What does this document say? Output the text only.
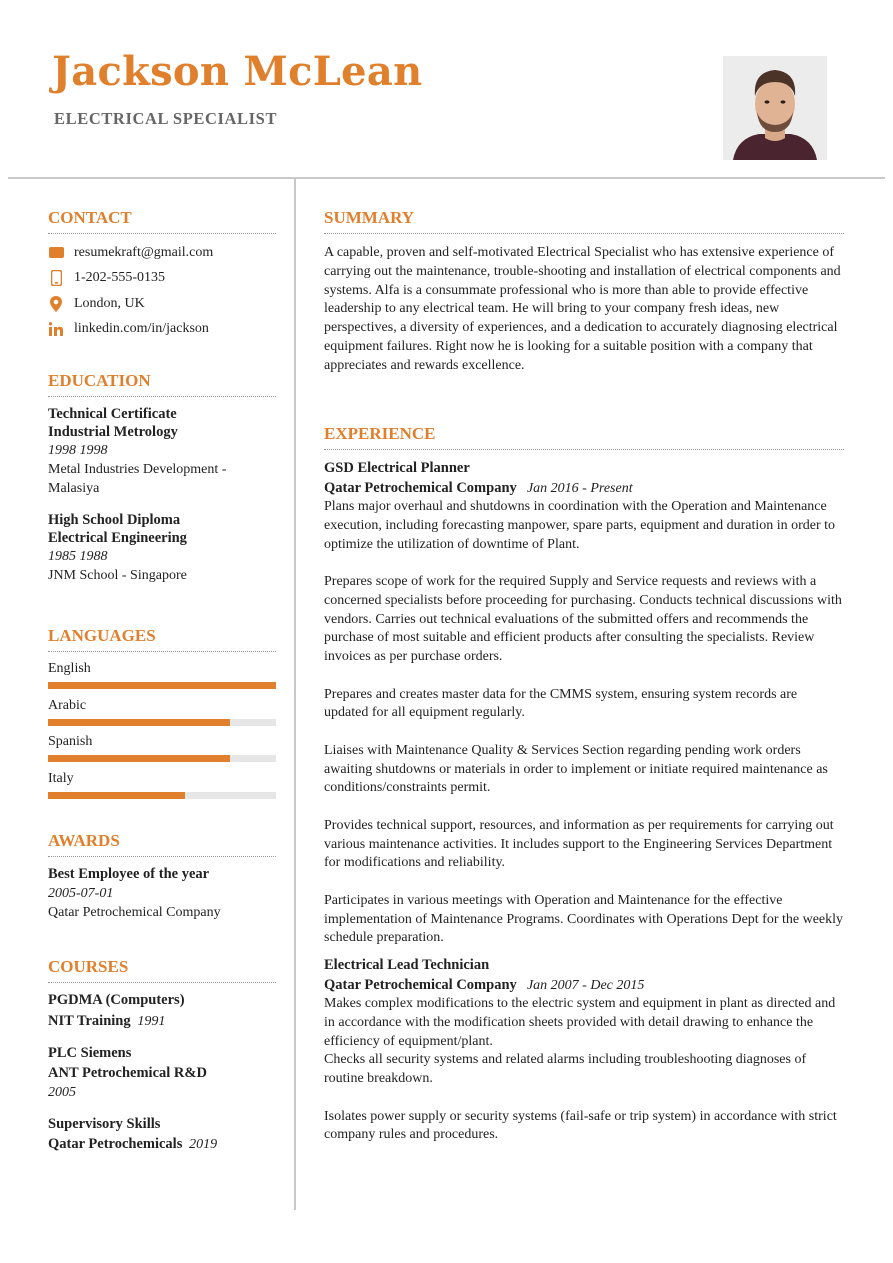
Jackson McLean
ELECTRICAL SPECIALIST
CONTACT
resumekraft@gmail.com
1-202-555-0135
London, UK
linkedin.com/in/jackson
EDUCATION
Technical Certificate
Industrial Metrology
1998 1998
Metal Industries Development - Malasiya
High School Diploma
Electrical Engineering
1985 1988
JNM School - Singapore
LANGUAGES
English
Arabic
Spanish
Italy
AWARDS
Best Employee of the year
2005-07-01
Qatar Petrochemical Company
COURSES
PGDMA (Computers)
NIT Training 1991
PLC Siemens
ANT Petrochemical R&D
2005
Supervisory Skills
Qatar Petrochemicals 2019
SUMMARY

A capable, proven and self-motivated Electrical Specialist who has extensive experience of carrying out the maintenance, trouble-shooting and installation of electrical components and systems. Alfa is a consummate professional who is more than able to provide effective leadership to any electrical team. He will bring to your company fresh ideas, new perspectives, a diversity of experiences, and a dedication to accurately diagnosing electrical equipment failures. Right now he is looking for a suitable position with a company that appreciates and rewards excellence.

EXPERIENCE
GSD Electrical Planner
Qatar Petrochemical Company Jan 2016 - Present

Plans major overhaul and shutdowns in coordination with the Operation and Maintenance execution, including forecasting manpower, spare parts, equipment and duration in order to optimize the utilization of downtime of Plant.

Prepares scope of work for the required Supply and Service requests and reviews with a concerned specialists before proceeding for purchasing. Conducts technical discussions with vendors. Carries out technical evaluations of the submitted offers and recommends the purchase of most suitable and efficient products after consulting the specialists. Review invoices as per purchase orders.

Prepares and creates master data for the CMMS system, ensuring system records are updated for all equipment regularly.

Liaises with Maintenance Quality & Services Section regarding pending work orders awaiting shutdowns or materials in order to implement or initiate required maintenance as conditions/constraints permit.

Provides technical support, resources, and information as per requirements for carrying out various maintenance activities. It includes support to the Engineering Services Department for modifications and reliability.

Participates in various meetings with Operation and Maintenance for the effective implementation of Maintenance Programs. Coordinates with Operations Dept for the weekly schedule preparation.

Electrical Lead Technician
Qatar Petrochemical Company Jan 2007 - Dec 2015

Makes complex modifications to the electric system and equipment in plant as directed and in accordance with the modification sheets provided with detail drawing to enhance the efficiency of equipment/plant.

Checks all security systems and related alarms including troubleshooting diagnoses of routine breakdown.

Isolates power supply or security systems (fail-safe or trip system) in accordance with strict company rules and procedures.
